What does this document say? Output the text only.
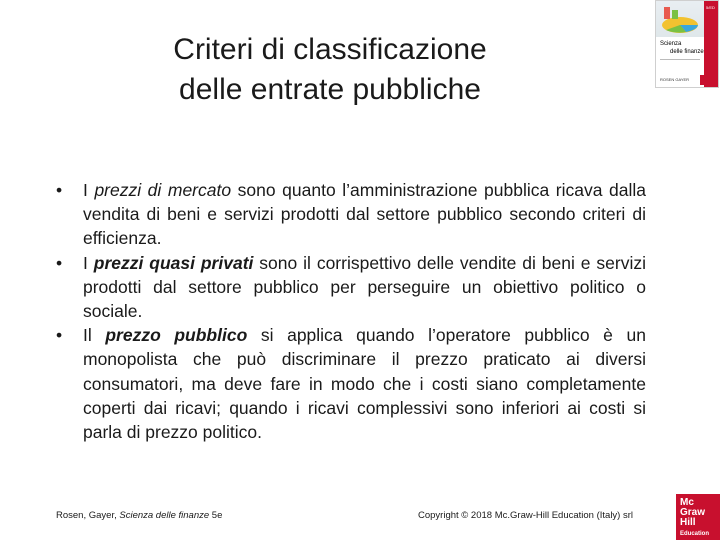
Criteri di classificazione
delle entrate pubbliche
5/ED
Scienza
delle finanze
ROSEN GAYER
• I prezzi di mercato sono quanto l’amministrazione pubblica ricava dalla vendita di beni e servizi prodotti dal settore pubblico secondo criteri di efficienza.
• I prezzi quasi privati sono il corrispettivo delle vendite di beni e servizi prodotti dal settore pubblico per perseguire un obiettivo politico o sociale.
• Il prezzo pubblico si applica quando l’operatore pubblico è un monopolista che può discriminare il prezzo praticato ai diversi consumatori, ma deve fare in modo che i costi siano completamente coperti dai ricavi; quando i ricavi complessivi sono inferiori ai costi si parla di prezzo politico.
Rosen, Gayer, Scienza delle finanze 5e	Copyright © 2018 Mc.Graw-Hill Education (Italy) srl
Mc
Graw
Hill
Education
